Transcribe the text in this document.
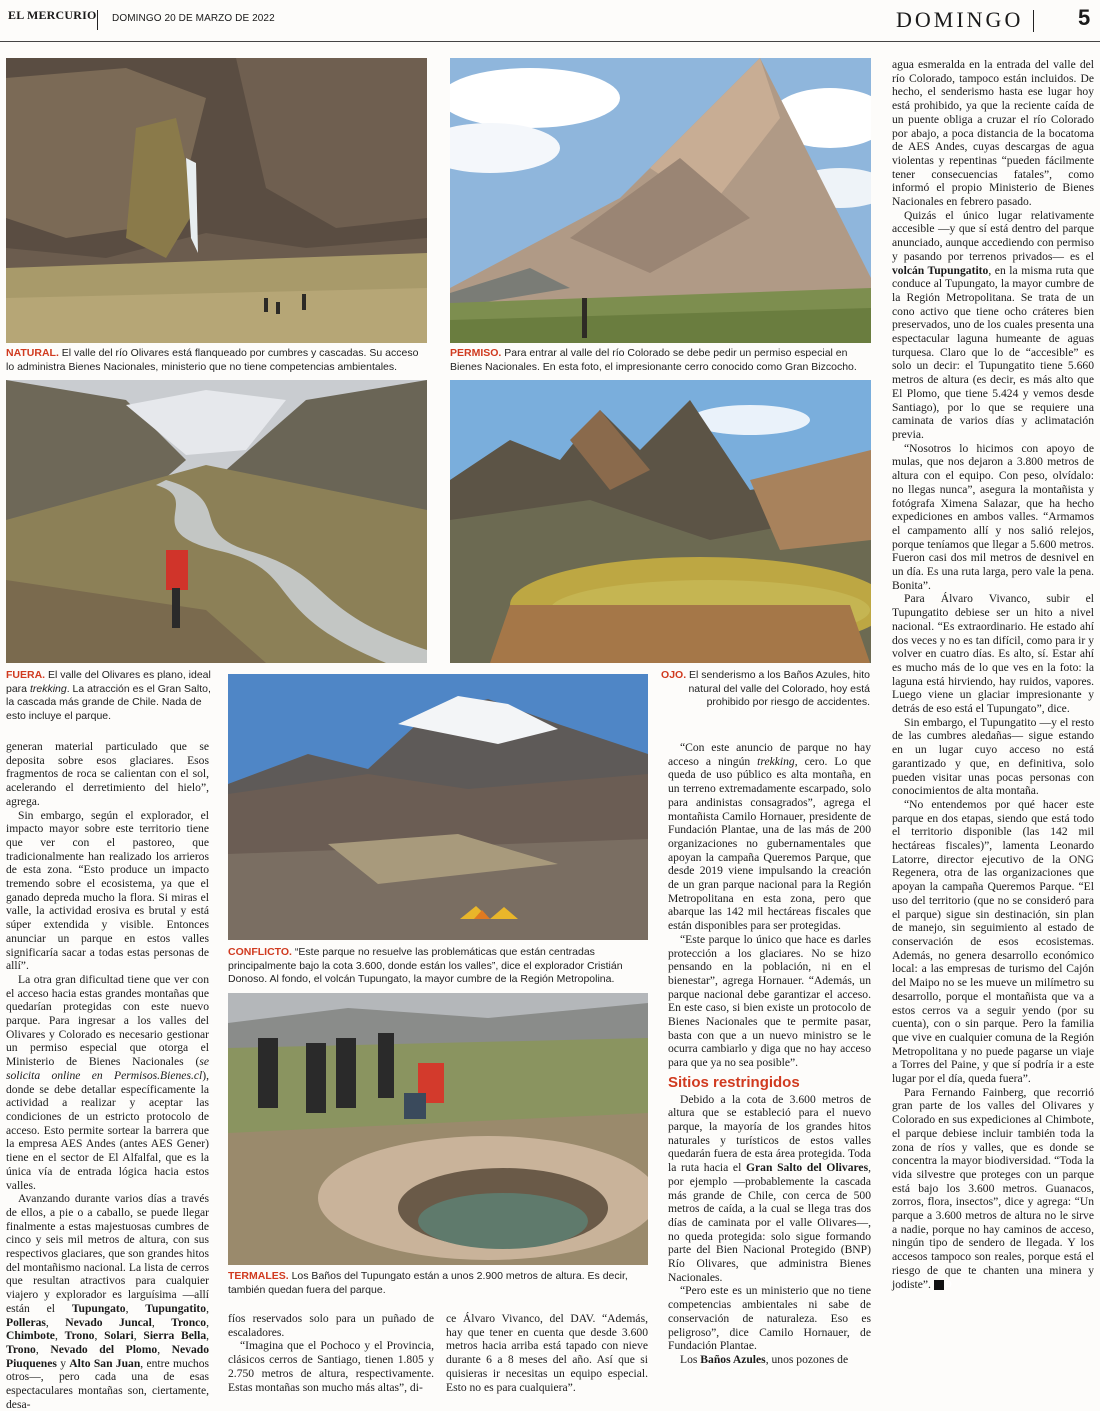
EL MERCURIO DOMINGO 20 DE MARZO DE 2022	DOMINGO 5
NATURAL. El valle del río Olivares está flanqueado por cumbres y cascadas. Su acceso lo administra Bienes Nacionales, ministerio que no tiene competencias ambientales.
PERMISO. Para entrar al valle del río Colorado se debe pedir un permiso especial en Bienes Nacionales. En esta foto, el impresionante cerro conocido como Gran Bizcocho.
FUERA. El valle del Olivares es plano, ideal para trekking. La atracción es el Gran Salto, la cascada más grande de Chile. Nada de esto incluye el parque.
OJO. El senderismo a los Baños Azules, hito natural del valle del Colorado, hoy está prohibido por riesgo de accidentes.
CONFLICTO. “Este parque no resuelve las problemáticas que están centradas principalmente bajo la cota 3.600, donde están los valles”, dice el explorador Cristián Donoso. Al fondo, el volcán Tupungato, la mayor cumbre de la Región Metropolina.
TERMALES. Los Baños del Tupungato están a unos 2.900 metros de altura. Es decir, también quedan fuera del parque.

generan material particulado que se deposita sobre esos glaciares. Esos fragmentos de roca se calientan con el sol, acelerando el derretimiento del hielo”, agrega.

Sin embargo, según el explorador, el impacto mayor sobre este territorio tiene que ver con el pastoreo, que tradicionalmente han realizado los arrieros de esta zona. “Esto produce un impacto tremendo sobre el ecosistema, ya que el ganado depreda mucho la flora. Si miras el valle, la actividad erosiva es brutal y está súper extendida y visible. Entonces anunciar un parque en estos valles significaría sacar a todas estas personas de allí”.

La otra gran dificultad tiene que ver con el acceso hacia estas grandes montañas que quedarían protegidas con este nuevo parque. Para ingresar a los valles del Olivares y Colorado es necesario gestionar un permiso especial que otorga el Ministerio de Bienes Nacionales (se solicita online en Permisos.Bienes.cl), donde se debe detallar específicamente la actividad a realizar y aceptar las condiciones de un estricto protocolo de acceso. Esto permite sortear la barrera que la empresa AES Andes (antes AES Gener) tiene en el sector de El Alfalfal, que es la única vía de entrada lógica hacia estos valles.

Avanzando durante varios días a través de ellos, a pie o a caballo, se puede llegar finalmente a estas majestuosas cumbres de cinco y seis mil metros de altura, con sus respectivos glaciares, que son grandes hitos del montañismo nacional. La lista de cerros que resultan atractivos para cualquier viajero y explorador es larguísima —allí están el Tupungato, Tupungatito, Polleras, Nevado Juncal, Tronco, Chimbote, Trono, Solari, Sierra Bella, Trono, Nevado del Plomo, Nevado Piuquenes y Alto San Juan, entre muchos otros—, pero cada una de esas espectaculares montañas son, ciertamente, desa-

fíos reservados solo para un puñado de escaladores.

“Imagina que el Pochoco y el Provincia, clásicos cerros de Santiago, tienen 1.805 y 2.750 metros de altura, respectivamente. Estas montañas son mucho más altas”, di-

ce Álvaro Vivanco, del DAV. “Además, hay que tener en cuenta que desde 3.600 metros hacia arriba está tapado con nieve durante 6 a 8 meses del año. Así que si quisieras ir necesitas un equipo especial. Esto no es para cualquiera”.

“Con este anuncio de parque no hay acceso a ningún trekking, cero. Lo que queda de uso público es alta montaña, en un terreno extremadamente escarpado, solo para andinistas consagrados”, agrega el montañista Camilo Hornauer, presidente de Fundación Plantae, una de las más de 200 organizaciones no gubernamentales que apoyan la campaña Queremos Parque, que desde 2019 viene impulsando la creación de un gran parque nacional para la Región Metropolitana en esta zona, pero que abarque las 142 mil hectáreas fiscales que están disponibles para ser protegidas.

“Este parque lo único que hace es darles protección a los glaciares. No se hizo pensando en la población, ni en el bienestar”, agrega Hornauer. “Además, un parque nacional debe garantizar el acceso. En este caso, si bien existe un protocolo de Bienes Nacionales que te permite pasar, basta con que a un nuevo ministro se le ocurra cambiarlo y diga que no hay acceso para que ya no sea posible”.

Sitios restringidos

Debido a la cota de 3.600 metros de altura que se estableció para el nuevo parque, la mayoría de los grandes hitos naturales y turísticos de estos valles quedarán fuera de esta área protegida. Toda la ruta hacia el Gran Salto del Olivares, por ejemplo —probablemente la cascada más grande de Chile, con cerca de 500 metros de caída, a la cual se llega tras dos días de caminata por el valle Olivares—, no queda protegida: solo sigue formando parte del Bien Nacional Protegido (BNP) Río Olivares, que administra Bienes Nacionales.

“Pero este es un ministerio que no tiene competencias ambientales ni sabe de conservación de naturaleza. Eso es peligroso”, dice Camilo Hornauer, de Fundación Plantae.

Los Baños Azules, unos pozones de

agua esmeralda en la entrada del valle del río Colorado, tampoco están incluidos. De hecho, el senderismo hasta ese lugar hoy está prohibido, ya que la reciente caída de un puente obliga a cruzar el río Colorado por abajo, a poca distancia de la bocatoma de AES Andes, cuyas descargas de agua violentas y repentinas “pueden fácilmente tener consecuencias fatales”, como informó el propio Ministerio de Bienes Nacionales en febrero pasado.

Quizás el único lugar relativamente accesible —y que sí está dentro del parque anunciado, aunque accediendo con permiso y pasando por terrenos privados— es el volcán Tupungatito, en la misma ruta que conduce al Tupungato, la mayor cumbre de la Región Metropolitana. Se trata de un cono activo que tiene ocho cráteres bien preservados, uno de los cuales presenta una espectacular laguna humeante de aguas turquesa. Claro que lo de “accesible” es solo un decir: el Tupungatito tiene 5.660 metros de altura (es decir, es más alto que El Plomo, que tiene 5.424 y vemos desde Santiago), por lo que se requiere una caminata de varios días y aclimatación previa.

“Nosotros lo hicimos con apoyo de mulas, que nos dejaron a 3.800 metros de altura con el equipo. Con peso, olvídalo: no llegas nunca”, asegura la montañista y fotógrafa Ximena Salazar, que ha hecho expediciones en ambos valles. “Armamos el campamento allí y nos salió relejos, porque teníamos que llegar a 5.600 metros. Fueron casi dos mil metros de desnivel en un día. Es una ruta larga, pero vale la pena. Bonita”.

Para Álvaro Vivanco, subir el Tupungatito debiese ser un hito a nivel nacional. “Es extraordinario. He estado ahí dos veces y no es tan difícil, como para ir y volver en cuatro días. Es alto, sí. Estar ahí es mucho más de lo que ves en la foto: la laguna está hirviendo, hay ruidos, vapores. Luego viene un glaciar impresionante y detrás de eso está el Tupungato”, dice.

Sin embargo, el Tupungatito —y el resto de las cumbres aledañas— sigue estando en un lugar cuyo acceso no está garantizado y que, en definitiva, solo pueden visitar unas pocas personas con conocimientos de alta montaña.

“No entendemos por qué hacer este parque en dos etapas, siendo que está todo el territorio disponible (las 142 mil hectáreas fiscales)”, lamenta Leonardo Latorre, director ejecutivo de la ONG Regenera, otra de las organizaciones que apoyan la campaña Queremos Parque. “El uso del territorio (que no se consideró para el parque) sigue sin destinación, sin plan de manejo, sin seguimiento al estado de conservación de esos ecosistemas. Además, no genera desarrollo económico local: a las empresas de turismo del Cajón del Maipo no se les mueve un milímetro su desarrollo, porque el montañista que va a estos cerros va a seguir yendo (por su cuenta), con o sin parque. Pero la familia que vive en cualquier comuna de la Región Metropolitana y no puede pagarse un viaje a Torres del Paine, y que sí podría ir a este lugar por el día, queda fuera”.

Para Fernando Fainberg, que recorrió gran parte de los valles del Olivares y Colorado en sus expediciones al Chimbote, el parque debiese incluir también toda la zona de ríos y valles, que es donde se concentra la mayor biodiversidad. “Toda la vida silvestre que proteges con un parque está bajo los 3.600 metros. Guanacos, zorros, flora, insectos”, dice y agrega: “Un parque a 3.600 metros de altura no le sirve a nadie, porque no hay caminos de acceso, ningún tipo de sendero de llegada. Y los accesos tampoco son reales, porque está el riesgo de que te chanten una minera y jodiste”. D
